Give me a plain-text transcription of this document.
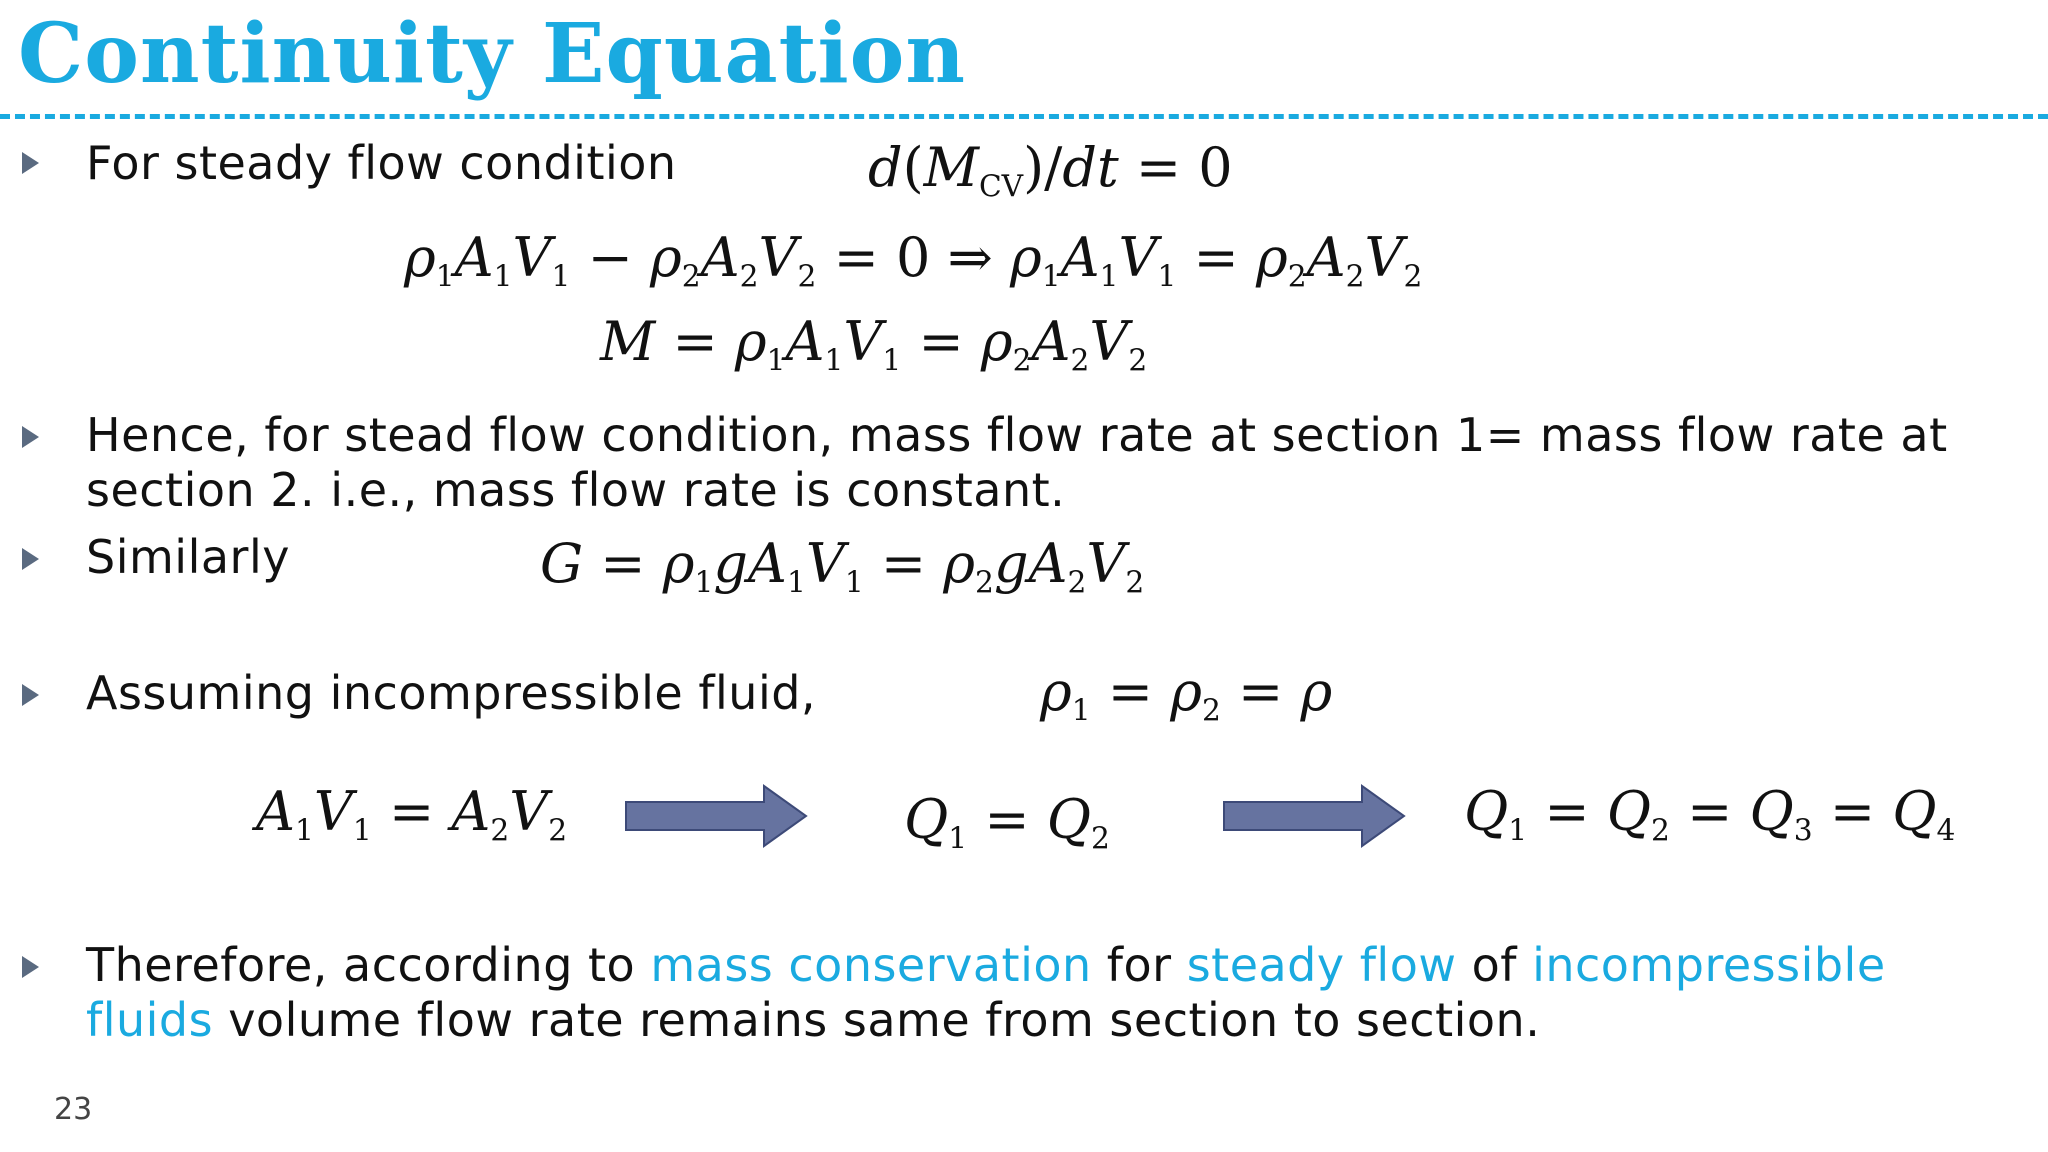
Continuity Equation
For steady flow condition	$d(M_{CV})/dt = 0$
$\rho_1A_1V_1 - \rho_2A_2V_2 = 0$ ⇒ $\rho_1A_1V_1 = \rho_2A_2V_2$
$M = \rho_1A_1V_1 = \rho_2A_2V_2$
Hence, for stead flow condition, mass flow rate at section 1= mass flow rate at section 2. i.e., mass flow rate is constant.
Similarly	$G = \rho_1gA_1V_1 = \rho_2gA_2V_2$
Assuming incompressible fluid,	$\rho_1 = \rho_2 = \rho$
$A_1V_1 = A_2V_2$	$Q_1 = Q_2$	$Q_1 = Q_2 = Q_3 = Q_4$
Therefore, according to mass conservation for steady flow of incompressible fluids volume flow rate remains same from section to section.
23
